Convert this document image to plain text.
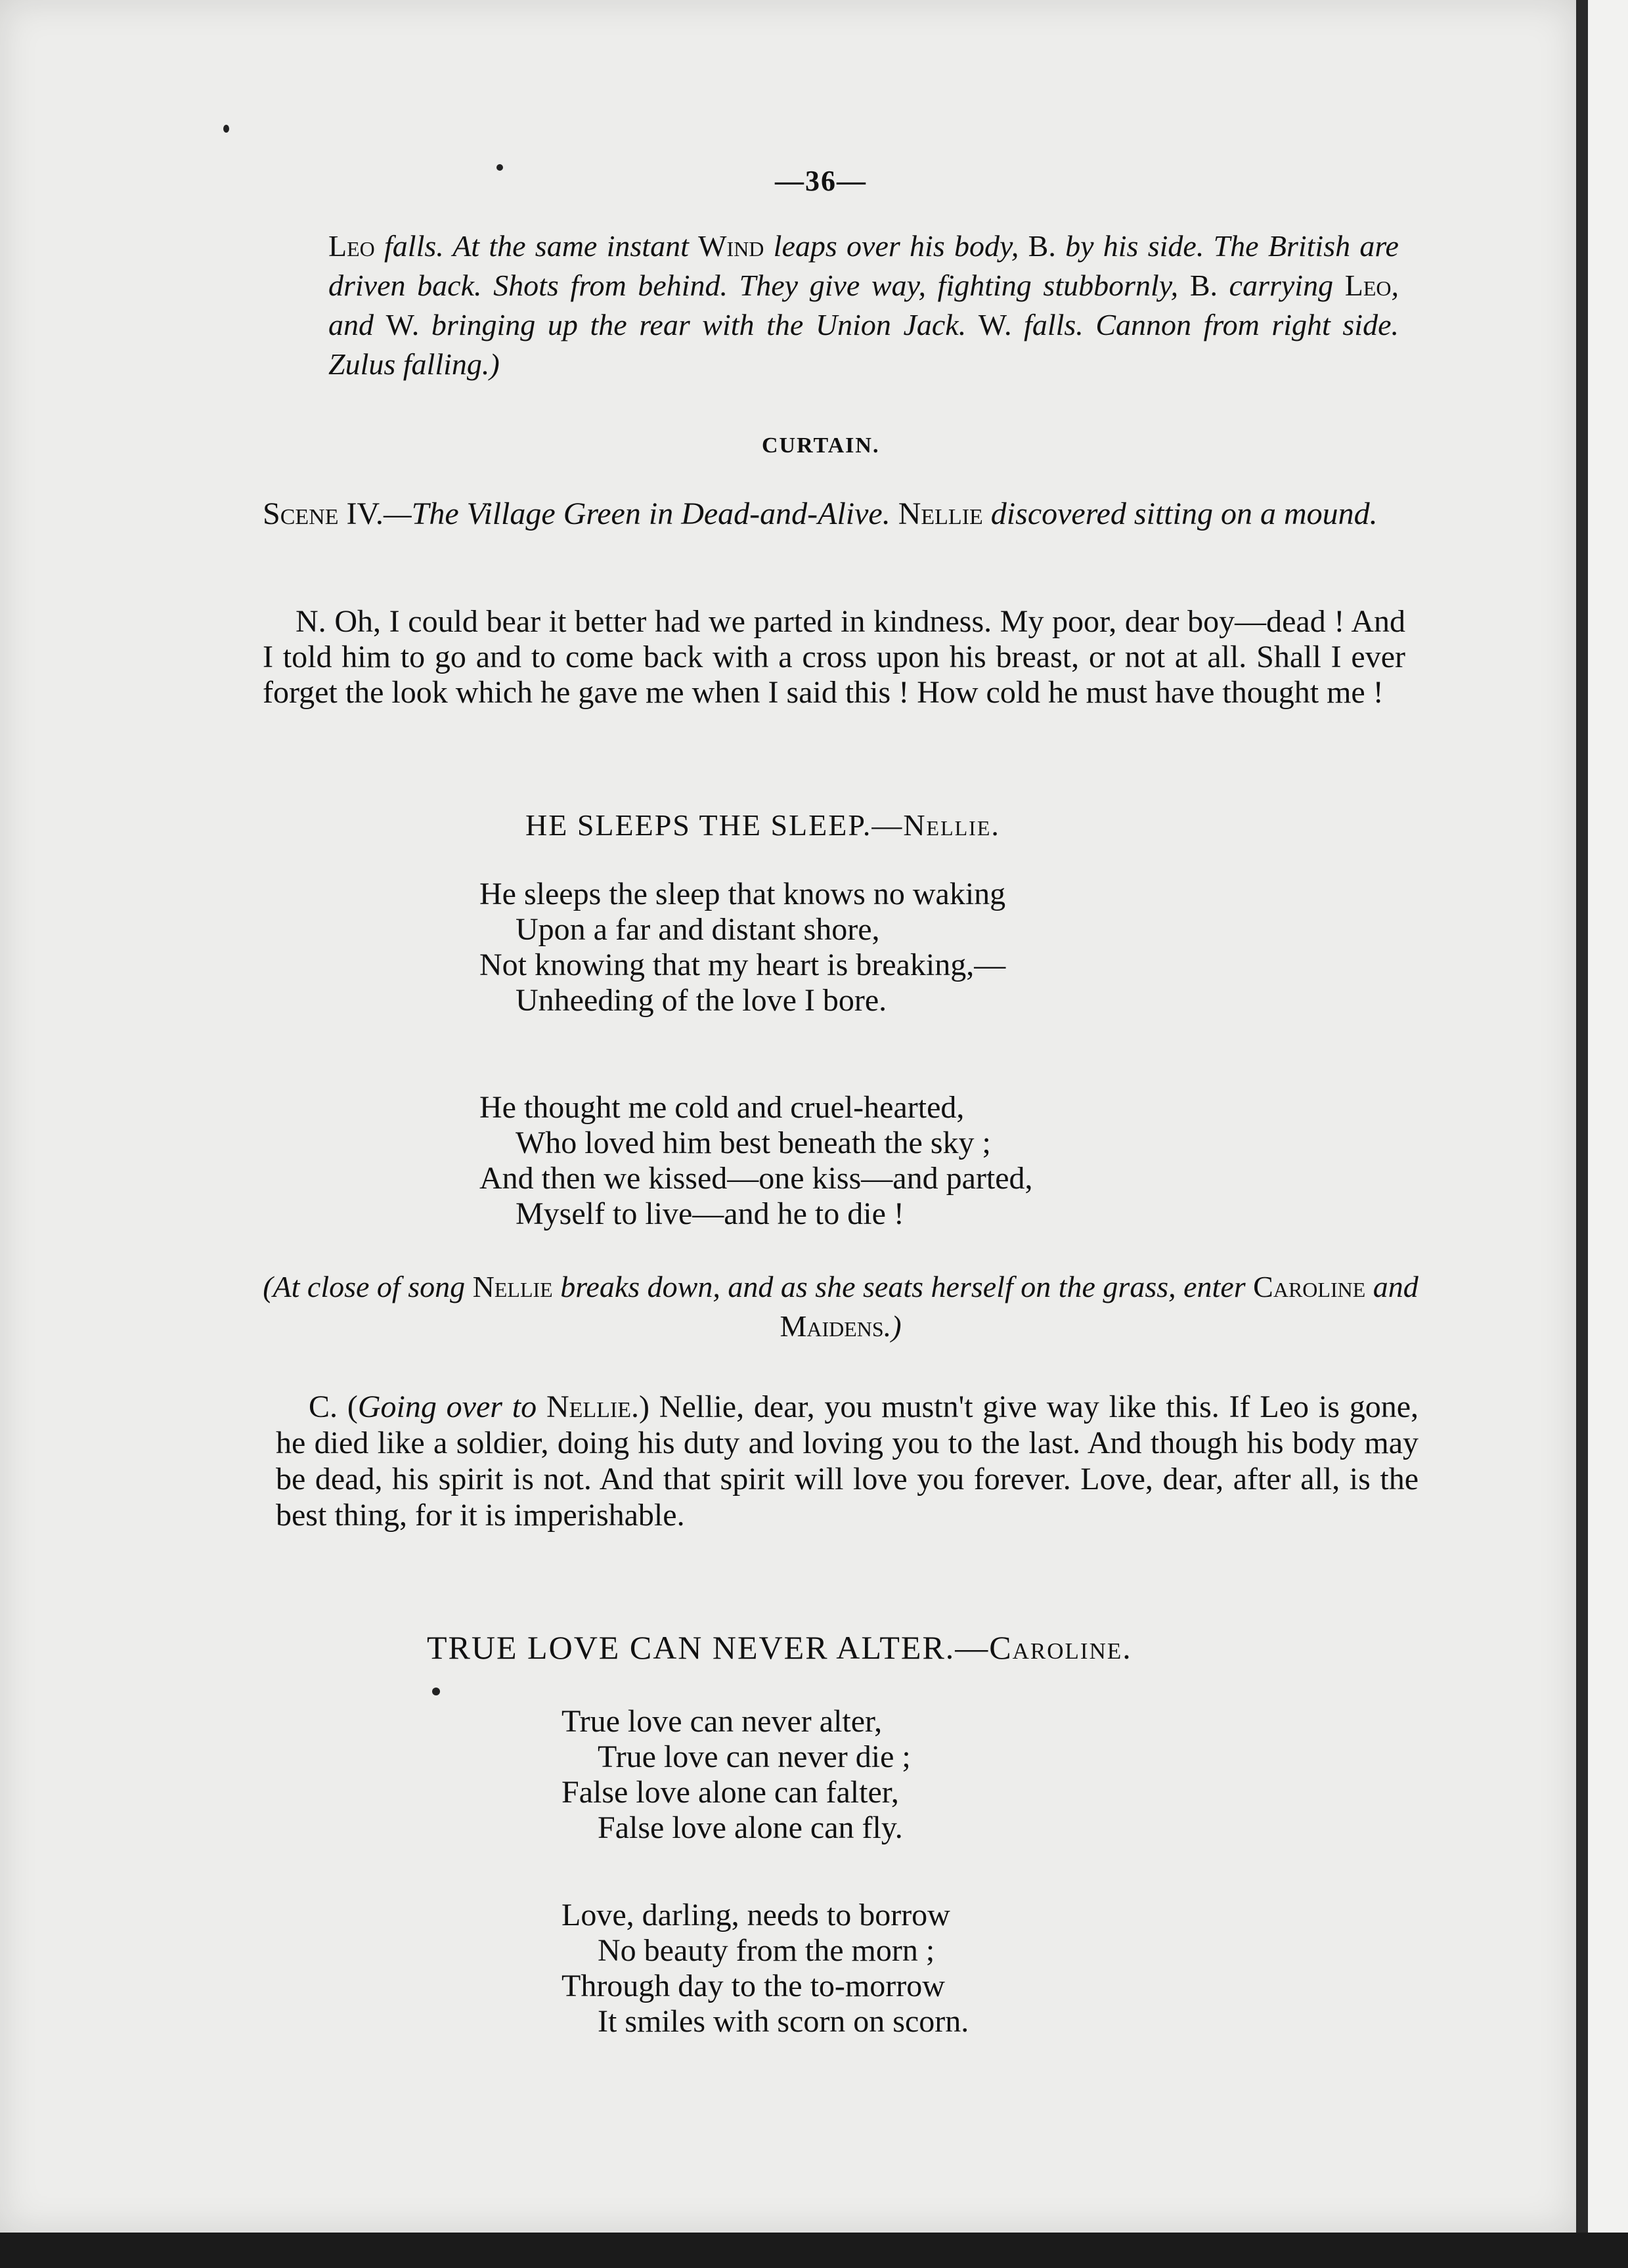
—36—

Leo falls. At the same instant Wind leaps over his body, B. by his side. The British are driven back. Shots from behind. They give way, fighting stubbornly, B. carrying Leo, and W. bringing up the rear with the Union Jack. W. falls. Cannon from right side. Zulus falling.)

CURTAIN.

Scene IV.—The Village Green in Dead-and-Alive. Nellie discovered sitting on a mound.

N. Oh, I could bear it better had we parted in kindness. My poor, dear boy—dead ! And I told him to go and to come back with a cross upon his breast, or not at all. Shall I ever forget the look which he gave me when I said this ! How cold he must have thought me !

HE SLEEPS THE SLEEP.—Nellie.
He sleeps the sleep that knows no waking
Upon a far and distant shore,
Not knowing that my heart is breaking,—
Unheeding of the love I bore.
He thought me cold and cruel-hearted,
Who loved him best beneath the sky ;
And then we kissed—one kiss—and parted,
Myself to live—and he to die !

(At close of song Nellie breaks down, and as she seats herself on the grass, enter Caroline and Maidens.)

C. (Going over to Nellie.) Nellie, dear, you mustn't give way like this. If Leo is gone, he died like a soldier, doing his duty and loving you to the last. And though his body may be dead, his spirit is not. And that spirit will love you forever. Love, dear, after all, is the best thing, for it is imperishable.

TRUE LOVE CAN NEVER ALTER.—Caroline.
True love can never alter,
True love can never die ;
False love alone can falter,
False love alone can fly.
Love, darling, needs to borrow
No beauty from the morn ;
Through day to the to-morrow
It smiles with scorn on scorn.
